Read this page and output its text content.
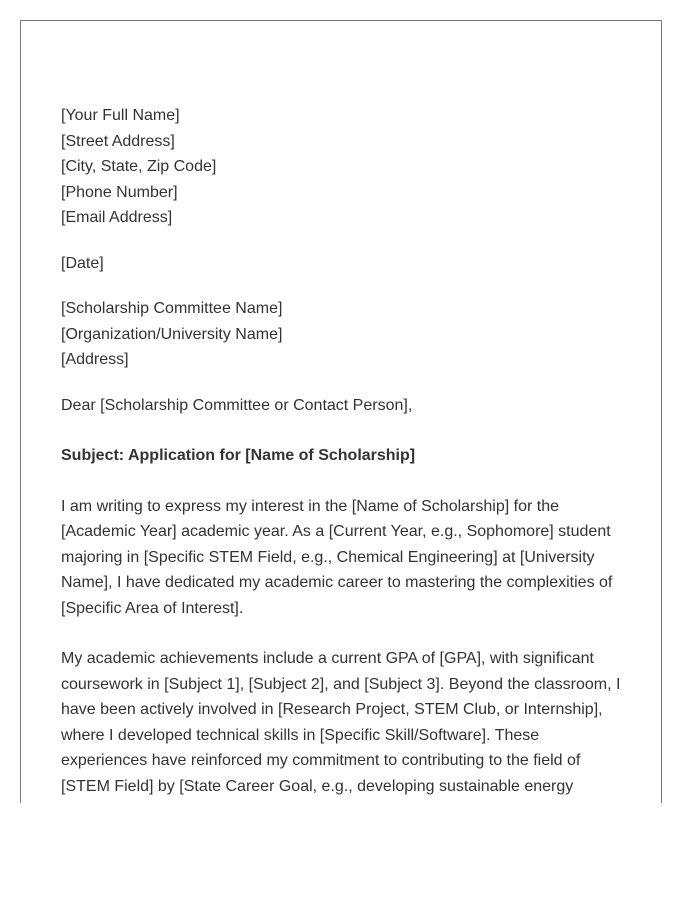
[Your Full Name]
[Street Address]
[City, State, Zip Code]
[Phone Number]
[Email Address]
[Date]
[Scholarship Committee Name]
[Organization/University Name]
[Address]
Dear [Scholarship Committee or Contact Person],
Subject: Application for [Name of Scholarship]

I am writing to express my interest in the [Name of Scholarship] for the [Academic Year] academic year. As a [Current Year, e.g., Sophomore] student majoring in [Specific STEM Field, e.g., Chemical Engineering] at [University Name], I have dedicated my academic career to mastering the complexities of [Specific Area of Interest].

My academic achievements include a current GPA of [GPA], with significant coursework in [Subject 1], [Subject 2], and [Subject 3]. Beyond the classroom, I have been actively involved in [Research Project, STEM Club, or Internship], where I developed technical skills in [Specific Skill/Software]. These experiences have reinforced my commitment to contributing to the field of [STEM Field] by [State Career Goal, e.g., developing sustainable energy
